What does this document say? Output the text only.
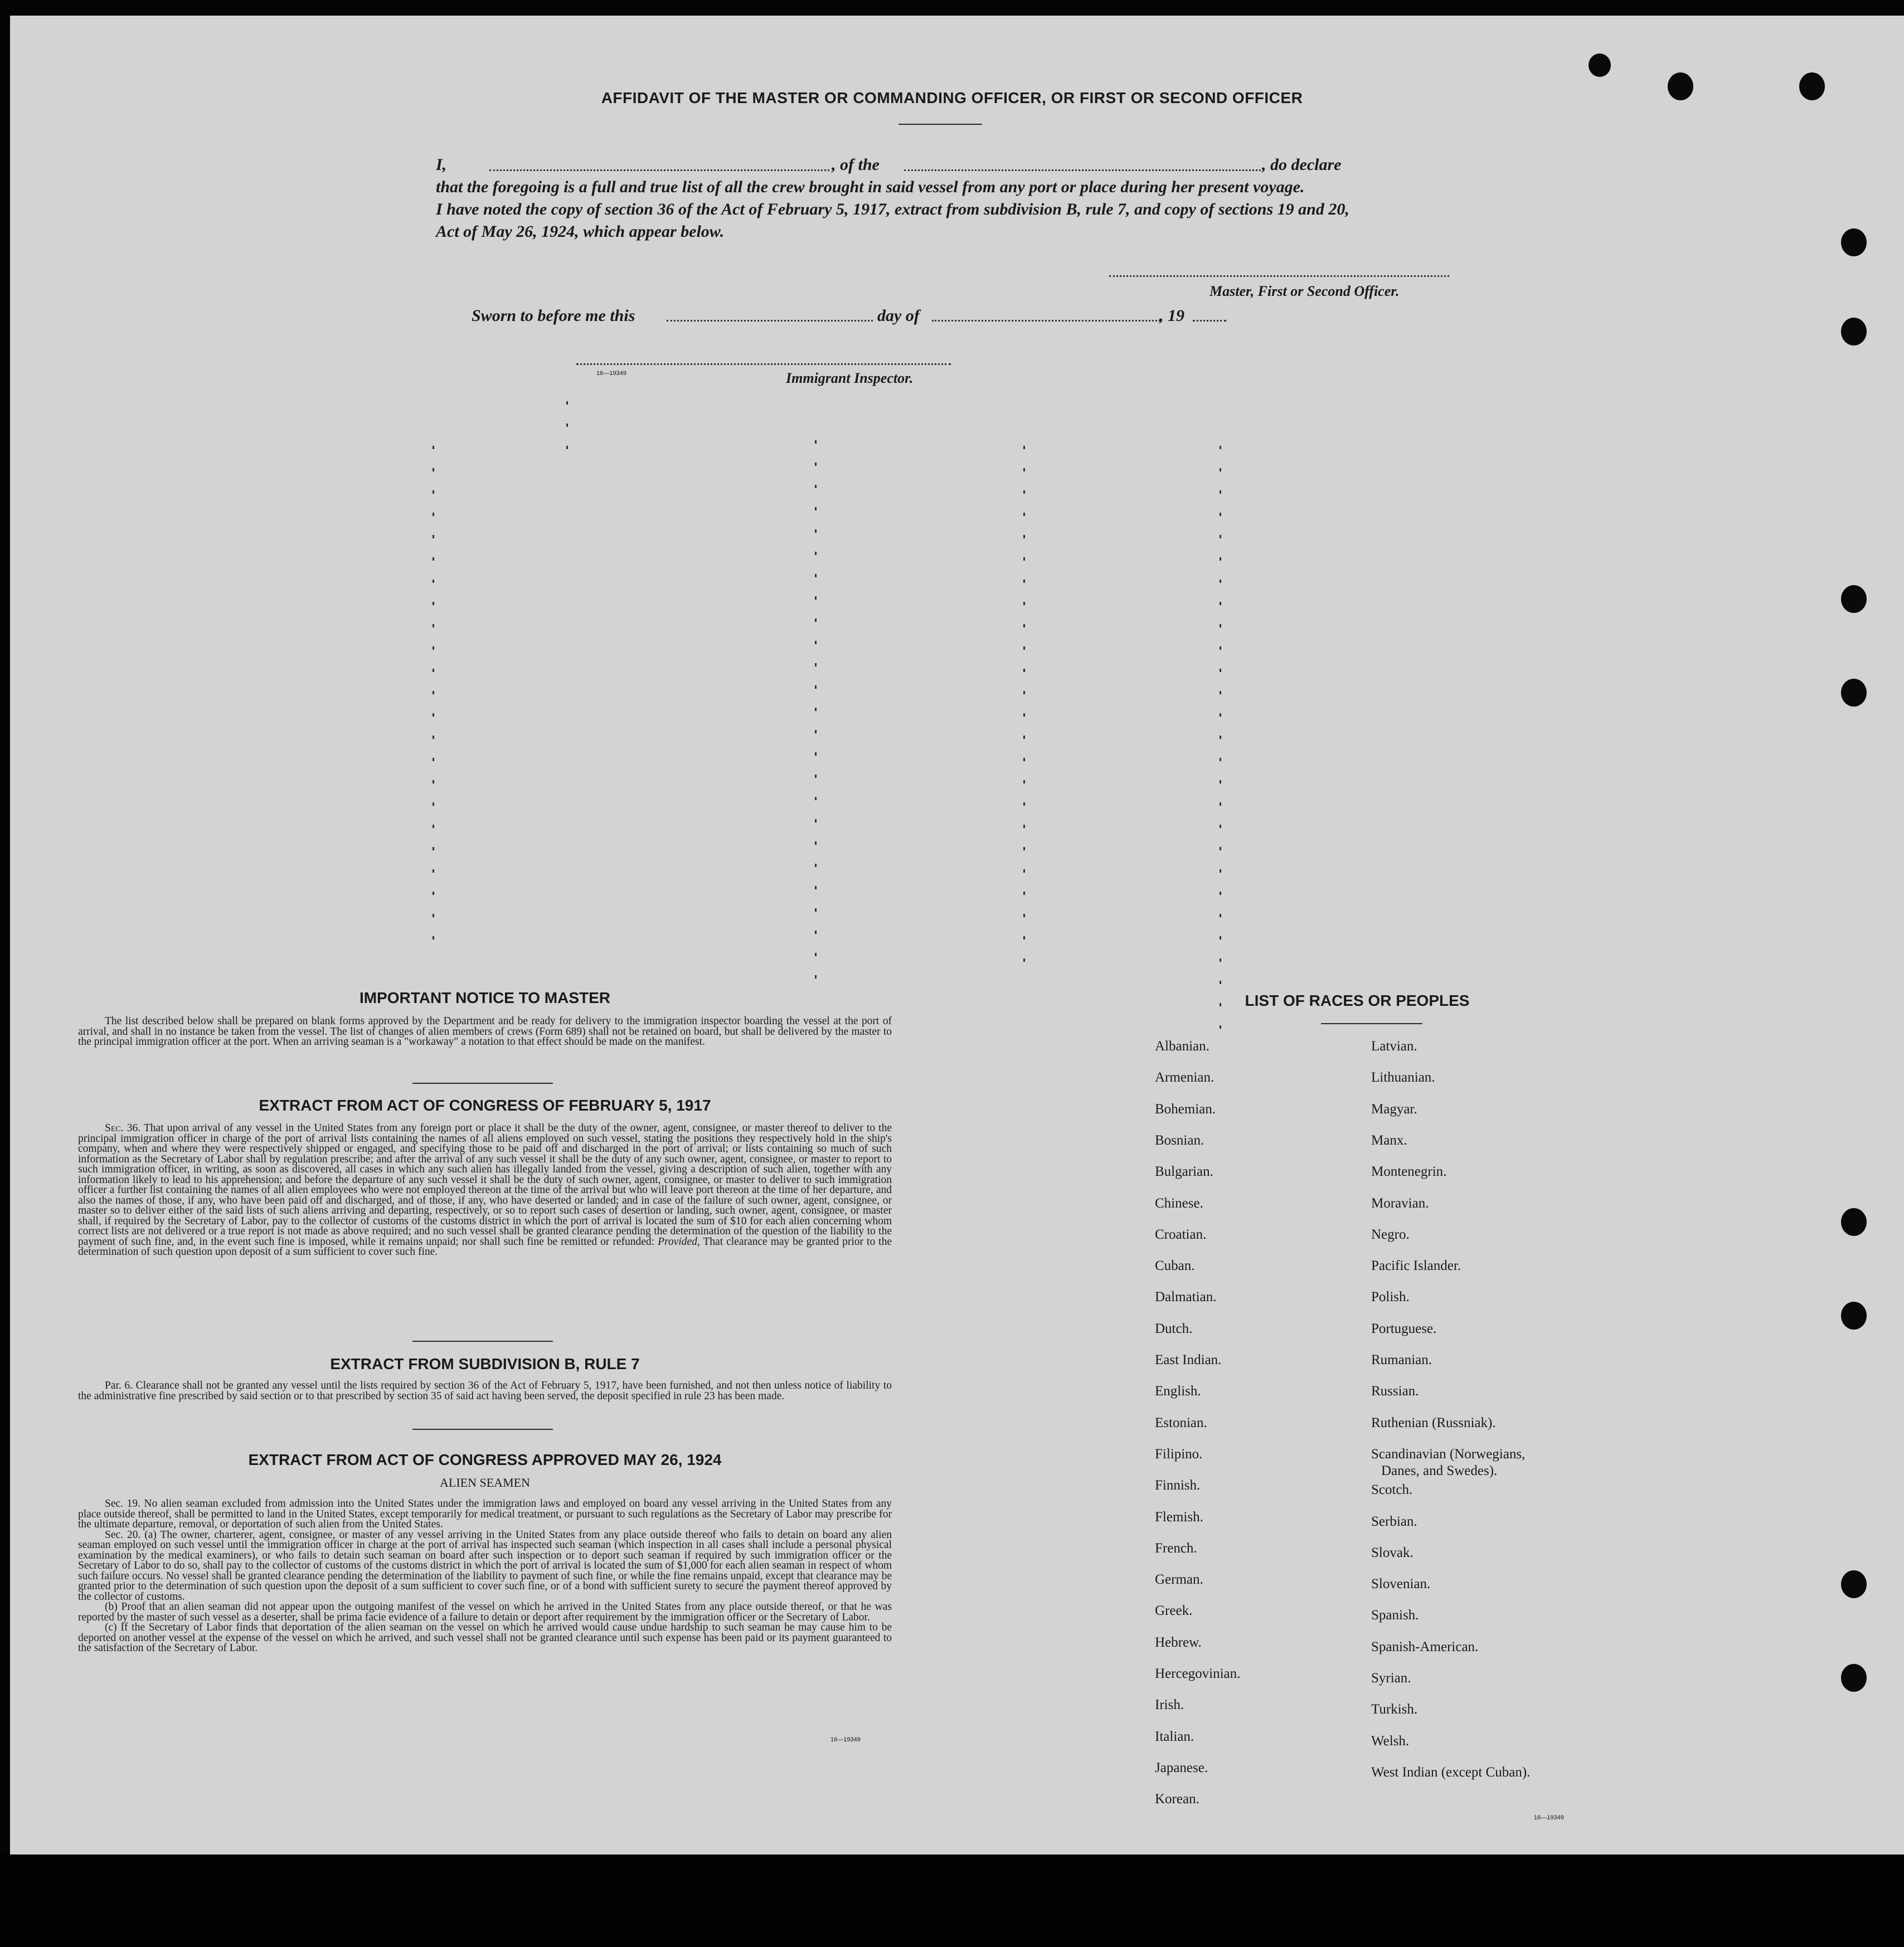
AFFIDAVIT OF THE MASTER OR COMMANDING OFFICER, OR FIRST OR SECOND OFFICER
I,	, of the	, do declare
that the foregoing is a full and true list of all the crew brought in said vessel from any port or place during her present voyage.
I have noted the copy of section 36 of the Act of February 5, 1917, extract from subdivision B, rule 7, and copy of sections 19 and 20,
Act of May 26, 1924, which appear below.
Master, First or Second Officer.
Sworn to before me this	day of	, 19
16—19349	Immigrant Inspector.
IMPORTANT NOTICE TO MASTER

The list described below shall be prepared on blank forms approved by the Department and be ready for delivery to the immigration inspector boarding the vessel at the port of arrival, and shall in no instance be taken from the vessel. The list of changes of alien members of crews (Form 689) shall not be retained on board, but shall be delivered by the master to the principal immigration officer at the port. When an arriving seaman is a "workaway" a notation to that effect should be made on the manifest.

EXTRACT FROM ACT OF CONGRESS OF FEBRUARY 5, 1917

Sec. 36. That upon arrival of any vessel in the United States from any foreign port or place it shall be the duty of the owner, agent, consignee, or master thereof to deliver to the principal immigration officer in charge of the port of arrival lists containing the names of all aliens employed on such vessel, stating the positions they respectively hold in the ship's company, when and where they were respectively shipped or engaged, and specifying those to be paid off and discharged in the port of arrival; or lists containing so much of such information as the Secretary of Labor shall by regulation prescribe; and after the arrival of any such vessel it shall be the duty of any such owner, agent, consignee, or master to report to such immigration officer, in writing, as soon as discovered, all cases in which any such alien has illegally landed from the vessel, giving a description of such alien, together with any information likely to lead to his apprehension; and before the departure of any such vessel it shall be the duty of such owner, agent, consignee, or master to deliver to such immigration officer a further list containing the names of all alien employees who were not employed thereon at the time of the arrival but who will leave port thereon at the time of her departure, and also the names of those, if any, who have been paid off and discharged, and of those, if any, who have deserted or landed; and in case of the failure of such owner, agent, consignee, or master so to deliver either of the said lists of such aliens arriving and departing, respectively, or so to report such cases of desertion or landing, such owner, agent, consignee, or master shall, if required by the Secretary of Labor, pay to the collector of customs of the customs district in which the port of arrival is located the sum of $10 for each alien concerning whom correct lists are not delivered or a true report is not made as above required; and no such vessel shall be granted clearance pending the determination of the question of the liability to the payment of such fine, and, in the event such fine is imposed, while it remains unpaid; nor shall such fine be remitted or refunded: Provided, That clearance may be granted prior to the determination of such question upon deposit of a sum sufficient to cover such fine.

EXTRACT FROM SUBDIVISION B, RULE 7

Par. 6. Clearance shall not be granted any vessel until the lists required by section 36 of the Act of February 5, 1917, have been furnished, and not then unless notice of liability to the administrative fine prescribed by said section or to that prescribed by section 35 of said act having been served, the deposit specified in rule 23 has been made.

EXTRACT FROM ACT OF CONGRESS APPROVED MAY 26, 1924
ALIEN SEAMEN

Sec. 19. No alien seaman excluded from admission into the United States under the immigration laws and employed on board any vessel arriving in the United States from any place outside thereof, shall be permitted to land in the United States, except temporarily for medical treatment, or pursuant to such regulations as the Secretary of Labor may prescribe for the ultimate departure, removal, or deportation of such alien from the United States.

Sec. 20. (a) The owner, charterer, agent, consignee, or master of any vessel arriving in the United States from any place outside thereof who fails to detain on board any alien seaman employed on such vessel until the immigration officer in charge at the port of arrival has inspected such seaman (which inspection in all cases shall include a personal physical examination by the medical examiners), or who fails to detain such seaman on board after such inspection or to deport such seaman if required by such immigration officer or the Secretary of Labor to do so, shall pay to the collector of customs of the customs district in which the port of arrival is located the sum of $1,000 for each alien seaman in respect of whom such failure occurs. No vessel shall be granted clearance pending the determination of the liability to payment of such fine, or while the fine remains unpaid, except that clearance may be granted prior to the determination of such question upon the deposit of a sum sufficient to cover such fine, or of a bond with sufficient surety to secure the payment thereof approved by the collector of customs.

(b) Proof that an alien seaman did not appear upon the outgoing manifest of the vessel on which he arrived in the United States from any place outside thereof, or that he was reported by the master of such vessel as a deserter, shall be prima facie evidence of a failure to detain or deport after requirement by the immigration officer or the Secretary of Labor.

(c) If the Secretary of Labor finds that deportation of the alien seaman on the vessel on which he arrived would cause undue hardship to such seaman he may cause him to be deported on another vessel at the expense of the vessel on which he arrived, and such vessel shall not be granted clearance until such expense has been paid or its payment guaranteed to the satisfaction of the Secretary of Labor.

16—19349
LIST OF RACES OR PEOPLES
Albanian.
Armenian.
Bohemian.
Bosnian.
Bulgarian.
Chinese.
Croatian.
Cuban.
Dalmatian.
Dutch.
East Indian.
English.
Estonian.
Filipino.
Finnish.
Flemish.
French.
German.
Greek.
Hebrew.
Hercegovinian.
Irish.
Italian.
Japanese.
Korean.
Latvian.
Lithuanian.
Magyar.
Manx.
Montenegrin.
Moravian.
Negro.
Pacific Islander.
Polish.
Portuguese.
Rumanian.
Russian.
Ruthenian (Russniak).
Scandinavian (Norwegians,
Danes, and Swedes).
Scotch.
Serbian.
Slovak.
Slovenian.
Spanish.
Spanish-American.
Syrian.
Turkish.
Welsh.
West Indian (except Cuban).
16—19349
